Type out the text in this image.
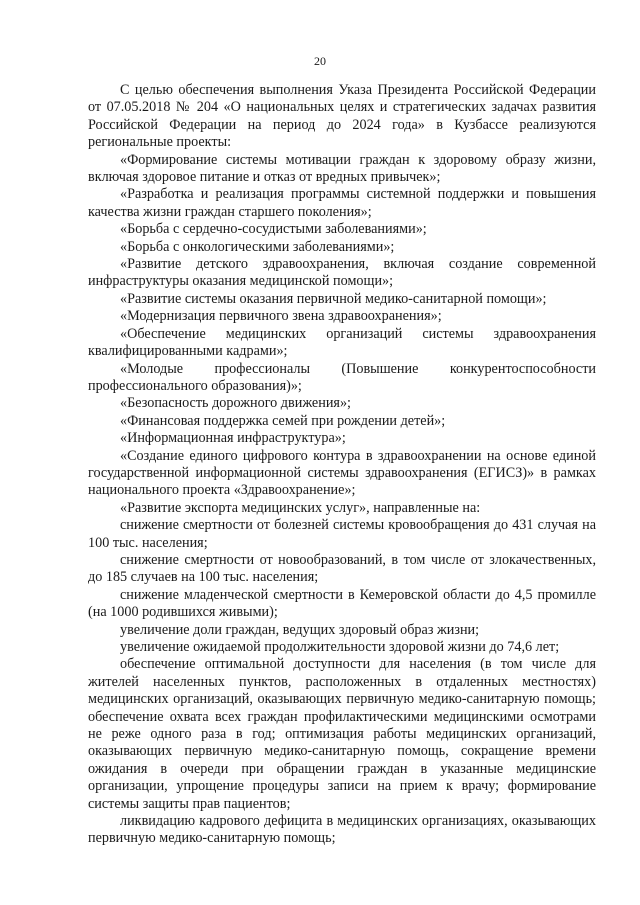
20

С целью обеспечения выполнения Указа Президента Российской Федерации от 07.05.2018 № 204 «О национальных целях и стратегических задачах развития Российской Федерации на период до 2024 года» в Кузбассе реализуются региональные проекты:

«Формирование системы мотивации граждан к здоровому образу жизни, включая здоровое питание и отказ от вредных привычек»;

«Разработка и реализация программы системной поддержки и повышения качества жизни граждан старшего поколения»;

«Борьба с сердечно-сосудистыми заболеваниями»;

«Борьба с онкологическими заболеваниями»;

«Развитие детского здравоохранения, включая создание современной инфраструктуры оказания медицинской помощи»;

«Развитие системы оказания первичной медико-санитарной помощи»;

«Модернизация первичного звена здравоохранения»;

«Обеспечение медицинских организаций системы здравоохранения квалифицированными кадрами»;

«Молодые профессионалы (Повышение конкурентоспособности профессионального образования)»;

«Безопасность дорожного движения»;

«Финансовая поддержка семей при рождении детей»;

«Информационная инфраструктура»;

«Создание единого цифрового контура в здравоохранении на основе единой государственной информационной системы здравоохранения (ЕГИСЗ)» в рамках национального проекта «Здравоохранение»;

«Развитие экспорта медицинских услуг», направленные на:

снижение смертности от болезней системы кровообращения до 431 случая на 100 тыс. населения;

снижение смертности от новообразований, в том числе от злокачественных, до 185 случаев на 100 тыс. населения;

снижение младенческой смертности в Кемеровской области до 4,5 промилле (на 1000 родившихся живыми);

увеличение доли граждан, ведущих здоровый образ жизни;

увеличение ожидаемой продолжительности здоровой жизни до 74,6 лет;

обеспечение оптимальной доступности для населения (в том числе для жителей населенных пунктов, расположенных в отдаленных местностях) медицинских организаций, оказывающих первичную медико-санитарную помощь; обеспечение охвата всех граждан профилактическими медицинскими осмотрами не реже одного раза в год; оптимизация работы медицинских организаций, оказывающих первичную медико-санитарную помощь, сокращение времени ожидания в очереди при обращении граждан в указанные медицинские организации, упрощение процедуры записи на прием к врачу; формирование системы защиты прав пациентов;

ликвидацию кадрового дефицита в медицинских организациях, оказывающих первичную медико-санитарную помощь;
